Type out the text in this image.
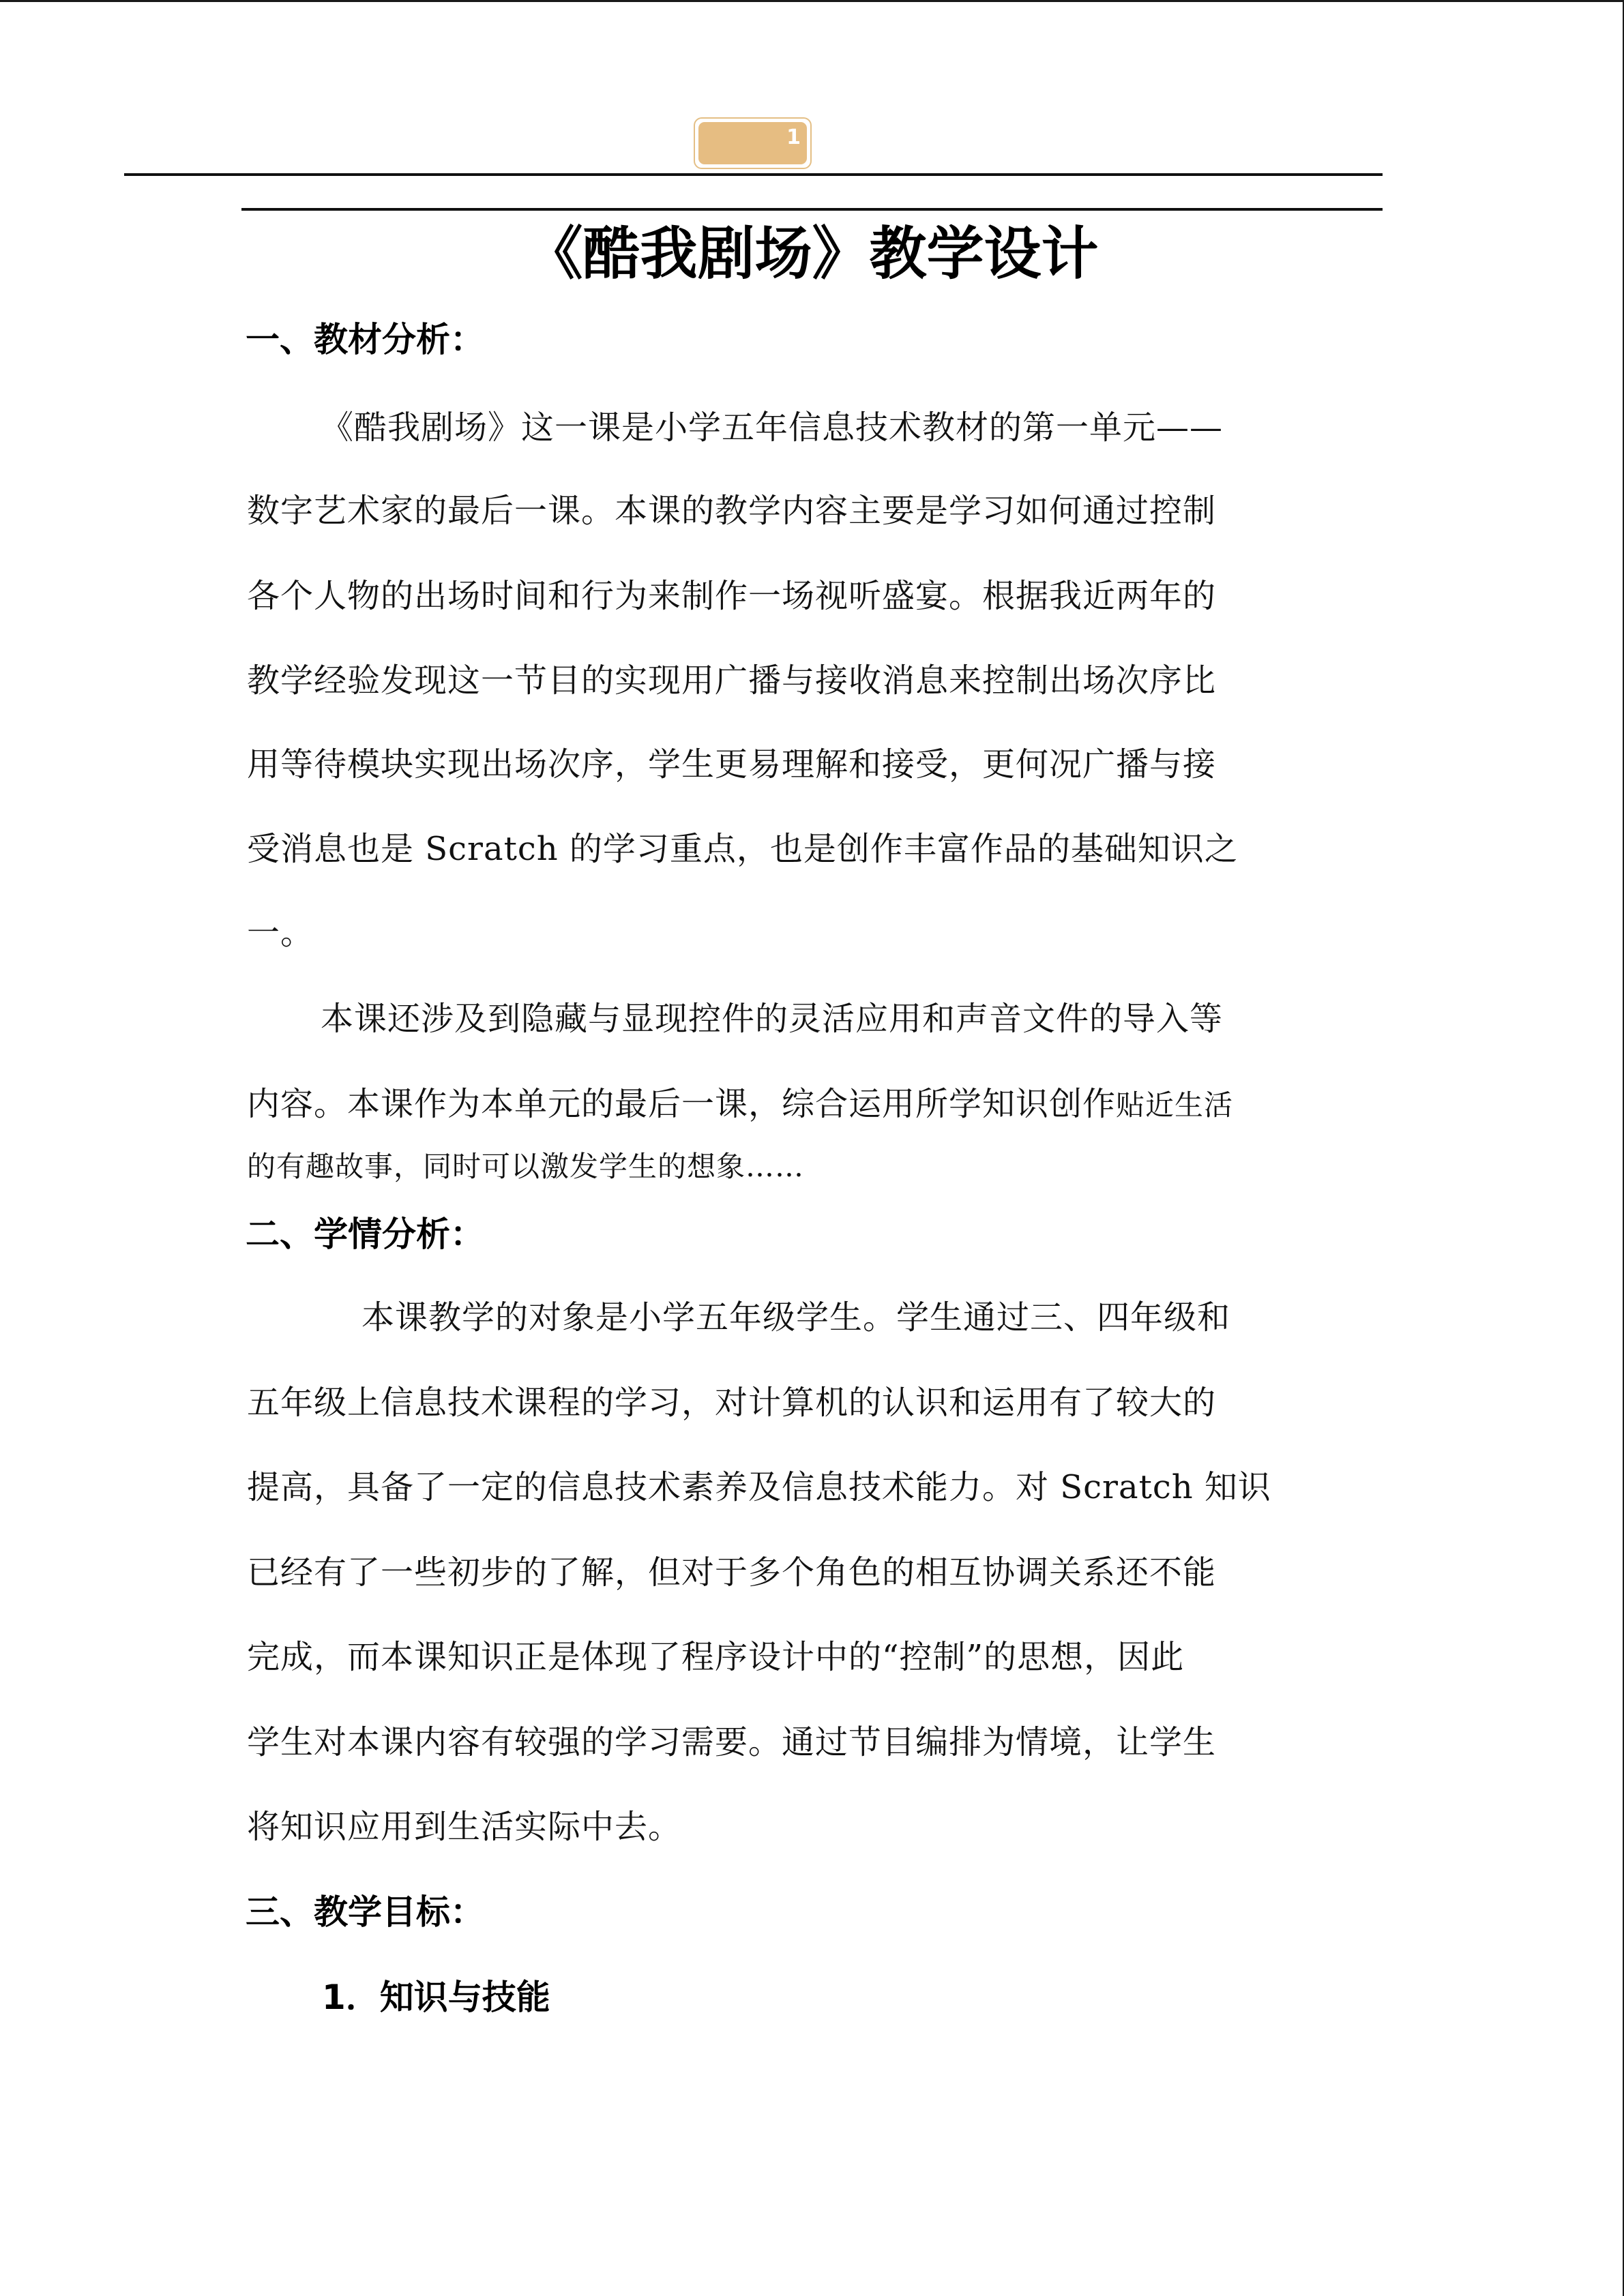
1
《酷我剧场》教学设计
一、教材分析：
《酷我剧场》这一课是小学五年信息技术教材的第一单元——
数字艺术家的最后一课。本课的教学内容主要是学习如何通过控制
各个人物的出场时间和行为来制作一场视听盛宴。根据我近两年的
教学经验发现这一节目的实现用广播与接收消息来控制出场次序比
用等待模块实现出场次序，学生更易理解和接受，更何况广播与接
受消息也是 Scratch 的学习重点，也是创作丰富作品的基础知识之
一。
本课还涉及到隐藏与显现控件的灵活应用和声音文件的导入等
内容。本课作为本单元的最后一课，综合运用所学知识创作贴近生活
的有趣故事，同时可以激发学生的想象……
二、学情分析：
本课教学的对象是小学五年级学生。学生通过三、四年级和
五年级上信息技术课程的学习，对计算机的认识和运用有了较大的
提高，具备了一定的信息技术素养及信息技术能力。对 Scratch 知识
已经有了一些初步的了解，但对于多个角色的相互协调关系还不能
完成，而本课知识正是体现了程序设计中的“控制”的思想，因此
学生对本课内容有较强的学习需要。通过节目编排为情境，让学生
将知识应用到生活实际中去。
三、教学目标：
1．知识与技能
